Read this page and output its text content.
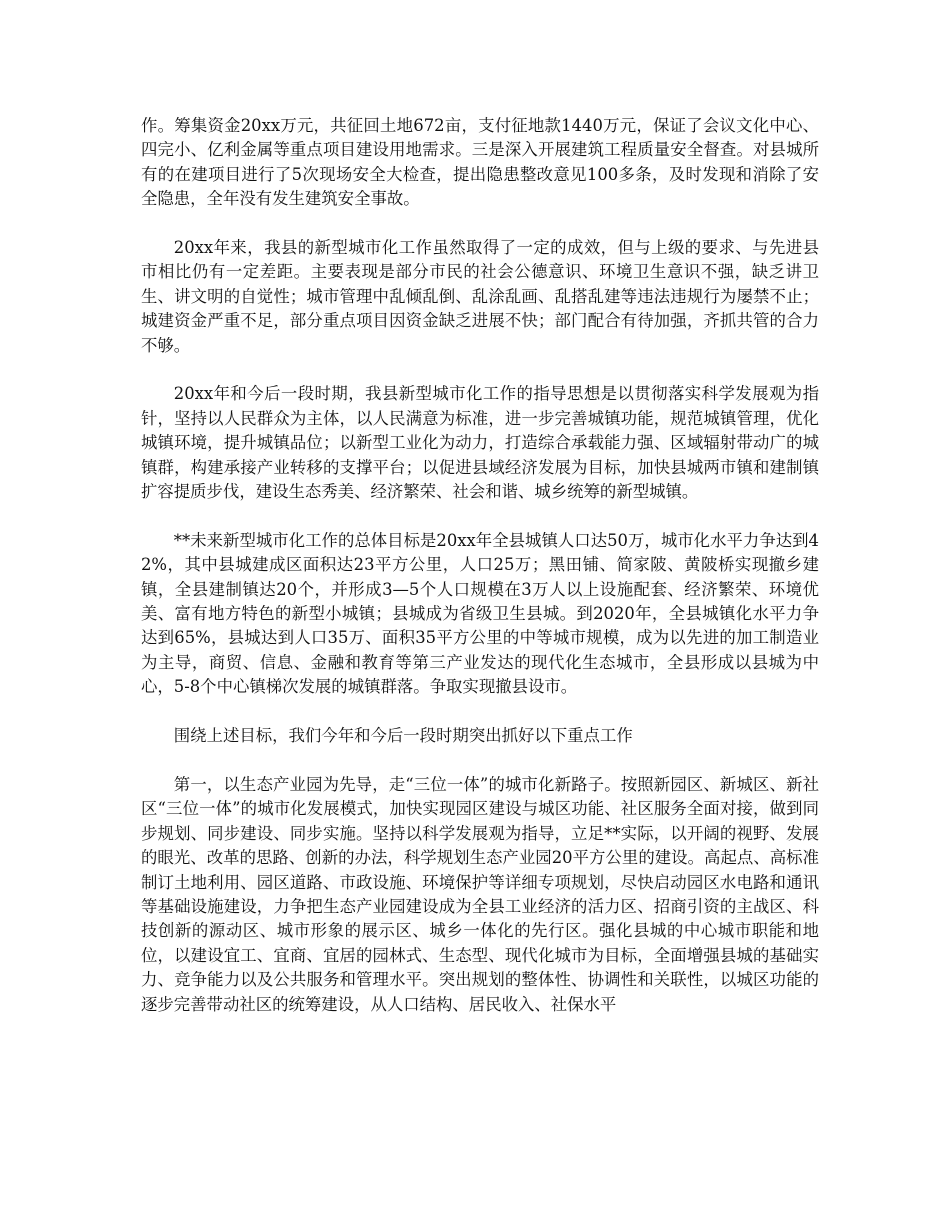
作。筹集资金20xx万元，共征回土地672亩，支付征地款1440万元，保证了会议文化中心、四完小、亿利金属等重点项目建设用地需求。三是深入开展建筑工程质量安全督查。对县城所有的在建项目进行了5次现场安全大检查，提出隐患整改意见100多条，及时发现和消除了安全隐患，全年没有发生建筑安全事故。

20xx年来，我县的新型城市化工作虽然取得了一定的成效，但与上级的要求、与先进县市相比仍有一定差距。主要表现是部分市民的社会公德意识、环境卫生意识不强，缺乏讲卫生、讲文明的自觉性；城市管理中乱倾乱倒、乱涂乱画、乱搭乱建等违法违规行为屡禁不止；城建资金严重不足，部分重点项目因资金缺乏进展不快；部门配合有待加强，齐抓共管的合力不够。

20xx年和今后一段时期，我县新型城市化工作的指导思想是以贯彻落实科学发展观为指针，坚持以人民群众为主体，以人民满意为标准，进一步完善城镇功能，规范城镇管理，优化城镇环境，提升城镇品位；以新型工业化为动力，打造综合承载能力强、区域辐射带动广的城镇群，构建承接产业转移的支撑平台；以促进县域经济发展为目标，加快县城两市镇和建制镇扩容提质步伐，建设生态秀美、经济繁荣、社会和谐、城乡统筹的新型城镇。

**未来新型城市化工作的总体目标是20xx年全县城镇人口达50万，城市化水平力争达到42%，其中县城建成区面积达23平方公里，人口25万；黑田铺、简家陂、黄陂桥实现撤乡建镇，全县建制镇达20个，并形成3—5个人口规模在3万人以上设施配套、经济繁荣、环境优美、富有地方特色的新型小城镇；县城成为省级卫生县城。到2020年，全县城镇化水平力争达到65%，县城达到人口35万、面积35平方公里的中等城市规模，成为以先进的加工制造业为主导，商贸、信息、金融和教育等第三产业发达的现代化生态城市，全县形成以县城为中心，5-8个中心镇梯次发展的城镇群落。争取实现撤县设市。

围绕上述目标，我们今年和今后一段时期突出抓好以下重点工作

第一，以生态产业园为先导，走“三位一体”的城市化新路子。按照新园区、新城区、新社区“三位一体”的城市化发展模式，加快实现园区建设与城区功能、社区服务全面对接，做到同步规划、同步建设、同步实施。坚持以科学发展观为指导，立足**实际，以开阔的视野、发展的眼光、改革的思路、创新的办法，科学规划生态产业园20平方公里的建设。高起点、高标准制订土地利用、园区道路、市政设施、环境保护等详细专项规划，尽快启动园区水电路和通讯等基础设施建设，力争把生态产业园建设成为全县工业经济的活力区、招商引资的主战区、科技创新的源动区、城市形象的展示区、城乡一体化的先行区。强化县城的中心城市职能和地位，以建设宜工、宜商、宜居的园林式、生态型、现代化城市为目标，全面增强县城的基础实力、竞争能力以及公共服务和管理水平。突出规划的整体性、协调性和关联性，以城区功能的逐步完善带动社区的统筹建设，从人口结构、居民收入、社保水平
